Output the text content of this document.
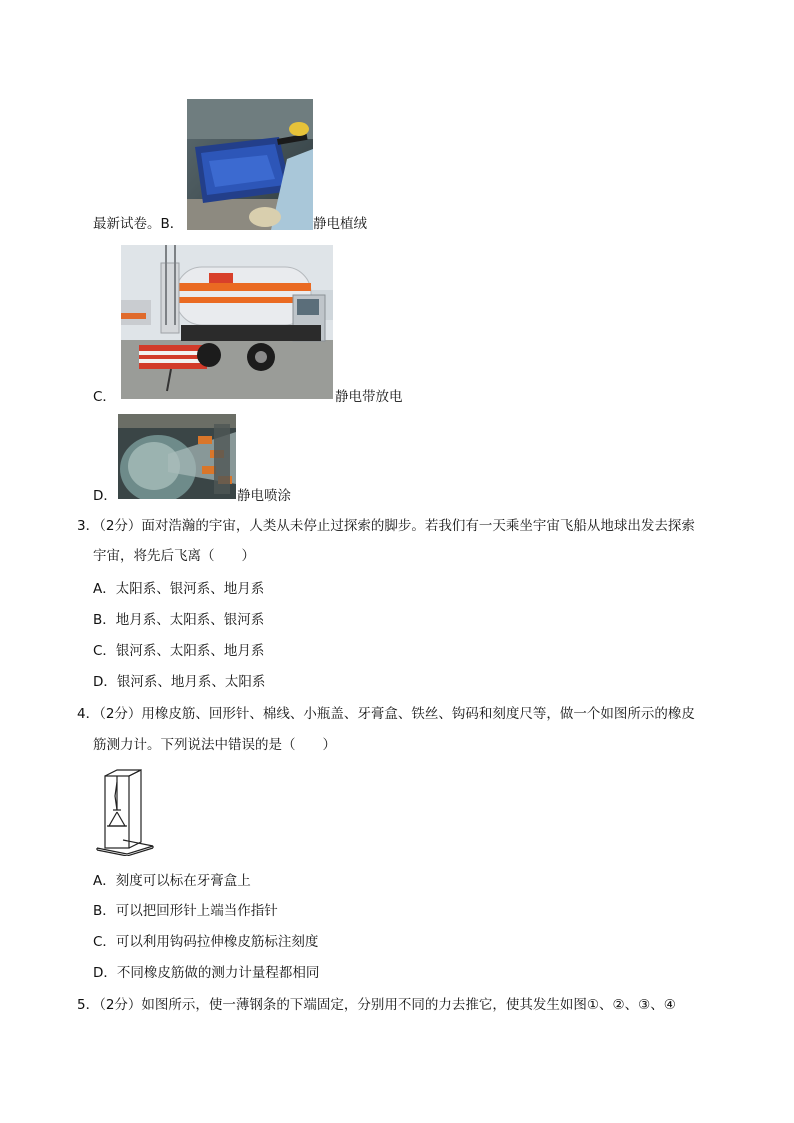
最新试卷。B．	静电植绒
C．	静电带放电
D．	静电喷涂
3．（2分）面对浩瀚的宇宙，人类从未停止过探索的脚步。若我们有一天乘坐宇宙飞船从地球出发去探索
宇宙，将先后飞离（　　）
A．太阳系、银河系、地月系
B．地月系、太阳系、银河系
C．银河系、太阳系、地月系
D．银河系、地月系、太阳系
4．（2分）用橡皮筋、回形针、棉线、小瓶盖、牙膏盒、铁丝、钩码和刻度尺等，做一个如图所示的橡皮
筋测力计。下列说法中错误的是（　　）
A．刻度可以标在牙膏盒上
B．可以把回形针上端当作指针
C．可以利用钩码拉伸橡皮筋标注刻度
D．不同橡皮筋做的测力计量程都相同
5．（2分）如图所示，使一薄钢条的下端固定，分别用不同的力去推它，使其发生如图①、②、③、④
